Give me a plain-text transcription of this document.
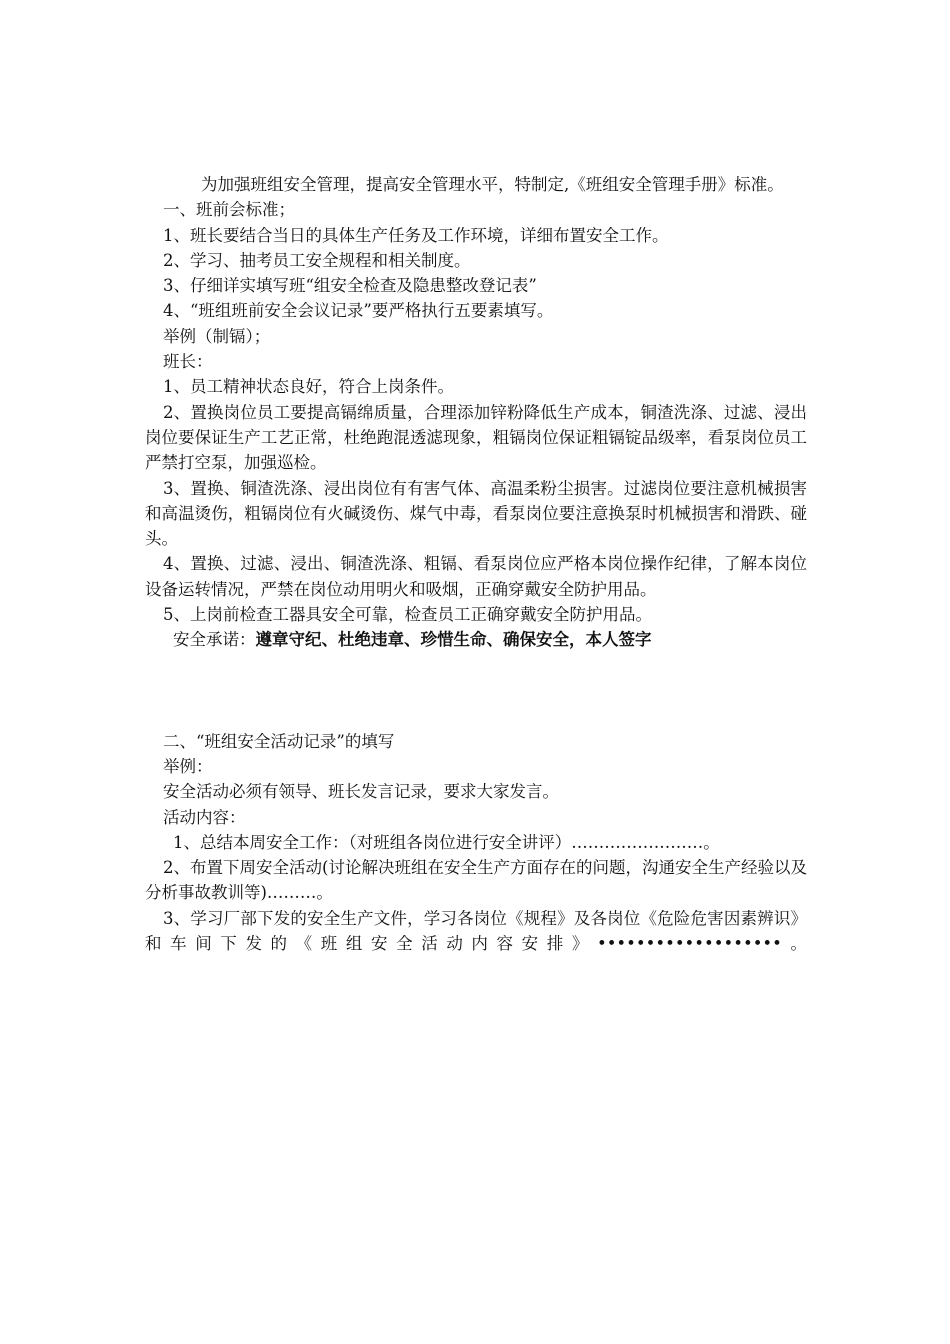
为加强班组安全管理，提高安全管理水平，特制定,《班组安全管理手册》标准。

一、班前会标准；

1、班长要结合当日的具体生产任务及工作环境，详细布置安全工作。

2、学习、抽考员工安全规程和相关制度。

3、仔细详实填写班“组安全检查及隐患整改登记表”

4、“班组班前安全会议记录”要严格执行五要素填写。

举例（制镉）；

班长：

1、员工精神状态良好，符合上岗条件。

2、置换岗位员工要提高镉绵质量，合理添加锌粉降低生产成本，铜渣洗涤、过滤、浸出岗位要保证生产工艺正常，杜绝跑混透滤现象，粗镉岗位保证粗镉锭品级率，看泵岗位员工严禁打空泵，加强巡检。

3、置换、铜渣洗涤、浸出岗位有有害气体、高温柔粉尘损害。过滤岗位要注意机械损害和高温烫伤，粗镉岗位有火碱烫伤、煤气中毒，看泵岗位要注意换泵时机械损害和滑跌、碰头。

4、置换、过滤、浸出、铜渣洗涤、粗镉、看泵岗位应严格本岗位操作纪律，了解本岗位设备运转情况，严禁在岗位动用明火和吸烟，正确穿戴安全防护用品。

5、上岗前检查工器具安全可靠，检查员工正确穿戴安全防护用品。

安全承诺：遵章守纪、杜绝违章、珍惜生命、确保安全，本人签字

二、“班组安全活动记录”的填写

举例：

安全活动必须有领导、班长发言记录，要求大家发言。

活动内容：

1、总结本周安全工作：（对班组各岗位进行安全讲评）……………………。

2、布置下周安全活动(讨论解决班组在安全生产方面存在的问题，沟通安全生产经验以及分析事故教训等)………。

3、学习厂部下发的安全生产文件，学习各岗位《规程》及各岗位《危险危害因素辨识》和车间下发的《班组安全活动内容安排》•••••••••••••••••••。
